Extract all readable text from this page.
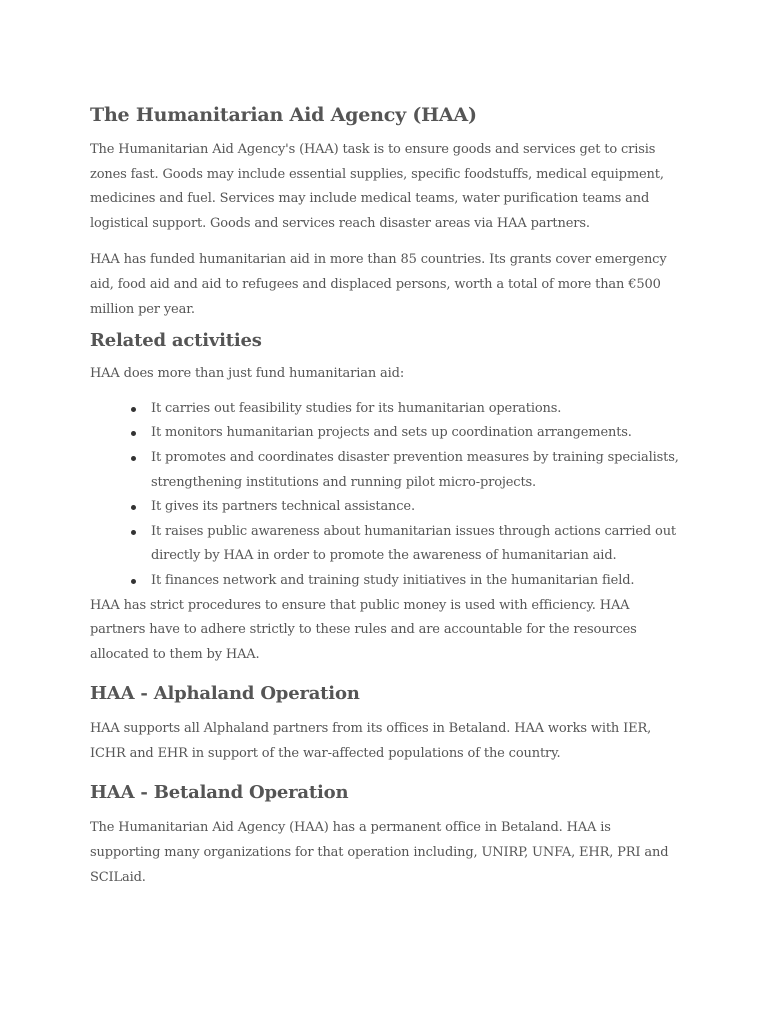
The Humanitarian Aid Agency (HAA)

The Humanitarian Aid Agency's (HAA) task is to ensure goods and services get to crisis zones fast. Goods may include essential supplies, specific foodstuffs, medical equipment, medicines and fuel. Services may include medical teams, water purification teams and logistical support. Goods and services reach disaster areas via HAA partners.

HAA has funded humanitarian aid in more than 85 countries. Its grants cover emergency aid, food aid and aid to refugees and displaced persons, worth a total of more than €500 million per year.

Related activities

HAA does more than just fund humanitarian aid:

It carries out feasibility studies for its humanitarian operations.
It monitors humanitarian projects and sets up coordination arrangements.
It promotes and coordinates disaster prevention measures by training specialists, strengthening institutions and running pilot micro-projects.
It gives its partners technical assistance.
It raises public awareness about humanitarian issues through actions carried out directly by HAA in order to promote the awareness of humanitarian aid.
It finances network and training study initiatives in the humanitarian field.

HAA has strict procedures to ensure that public money is used with efficiency. HAA partners have to adhere strictly to these rules and are accountable for the resources allocated to them by HAA.

HAA - Alphaland Operation

HAA supports all Alphaland partners from its offices in Betaland. HAA works with IER, ICHR and EHR in support of the war-affected populations of the country.

HAA - Betaland Operation

The Humanitarian Aid Agency (HAA) has a permanent office in Betaland. HAA is supporting many organizations for that operation including, UNIRP, UNFA, EHR, PRI and SCILaid.
